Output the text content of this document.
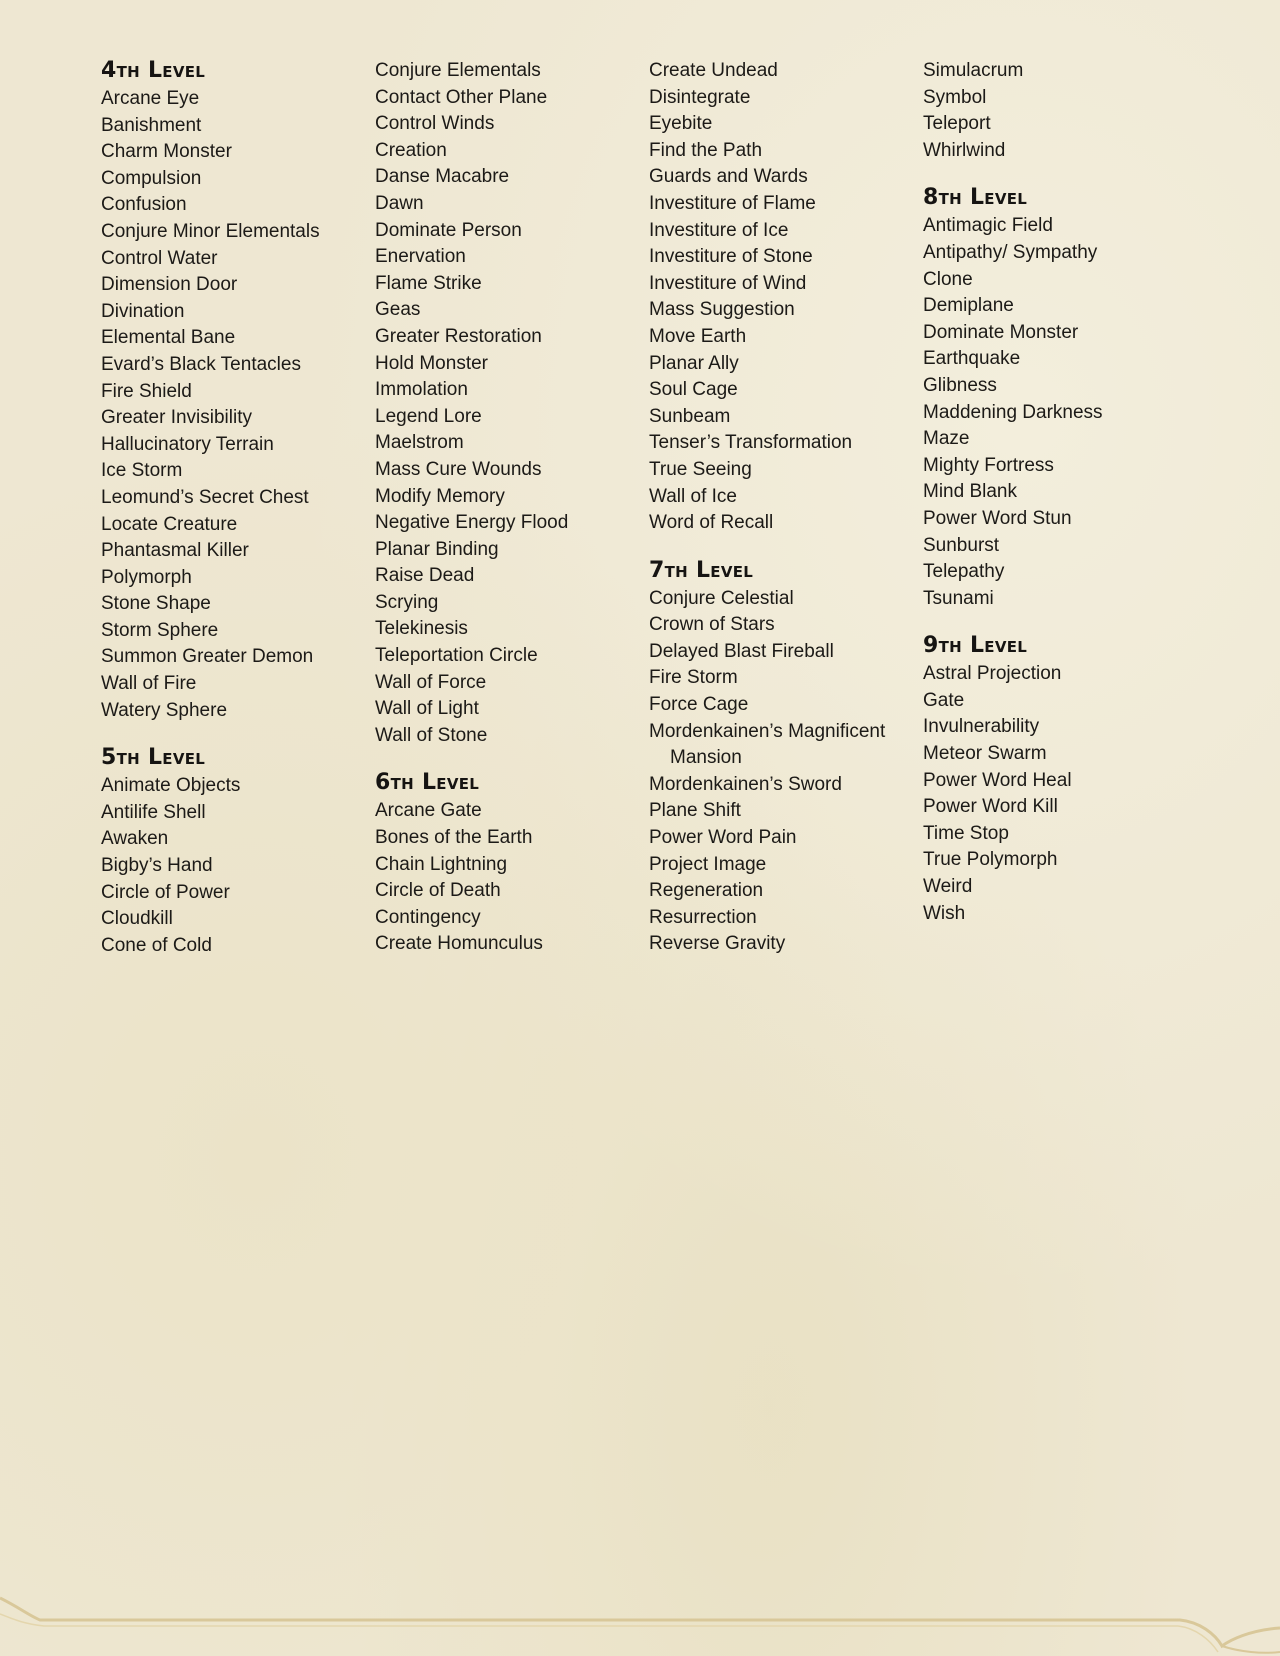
4th Level
Arcane Eye
Banishment
Charm Monster
Compulsion
Confusion
Conjure Minor Elementals
Control Water
Dimension Door
Divination
Elemental Bane
Evard’s Black Tentacles
Fire Shield
Greater Invisibility
Hallucinatory Terrain
Ice Storm
Leomund’s Secret Chest
Locate Creature
Phantasmal Killer
Polymorph
Stone Shape
Storm Sphere
Summon Greater Demon
Wall of Fire
Watery Sphere
5th Level
Animate Objects
Antilife Shell
Awaken
Bigby’s Hand
Circle of Power
Cloudkill
Cone of Cold
Conjure Elementals
Contact Other Plane
Control Winds
Creation
Danse Macabre
Dawn
Dominate Person
Enervation
Flame Strike
Geas
Greater Restoration
Hold Monster
Immolation
Legend Lore
Maelstrom
Mass Cure Wounds
Modify Memory
Negative Energy Flood
Planar Binding
Raise Dead
Scrying
Telekinesis
Teleportation Circle
Wall of Force
Wall of Light
Wall of Stone
6th Level
Arcane Gate
Bones of the Earth
Chain Lightning
Circle of Death
Contingency
Create Homunculus
Create Undead
Disintegrate
Eyebite
Find the Path
Guards and Wards
Investiture of Flame
Investiture of Ice
Investiture of Stone
Investiture of Wind
Mass Suggestion
Move Earth
Planar Ally
Soul Cage
Sunbeam
Tenser’s Transformation
True Seeing
Wall of Ice
Word of Recall
7th Level
Conjure Celestial
Crown of Stars
Delayed Blast Fireball
Fire Storm
Force Cage
Mordenkainen’s Magnificent
Mansion
Mordenkainen’s Sword
Plane Shift
Power Word Pain
Project Image
Regeneration
Resurrection
Reverse Gravity
Simulacrum
Symbol
Teleport
Whirlwind
8th Level
Antimagic Field
Antipathy/ Sympathy
Clone
Demiplane
Dominate Monster
Earthquake
Glibness
Maddening Darkness
Maze
Mighty Fortress
Mind Blank
Power Word Stun
Sunburst
Telepathy
Tsunami
9th Level
Astral Projection
Gate
Invulnerability
Meteor Swarm
Power Word Heal
Power Word Kill
Time Stop
True Polymorph
Weird
Wish
